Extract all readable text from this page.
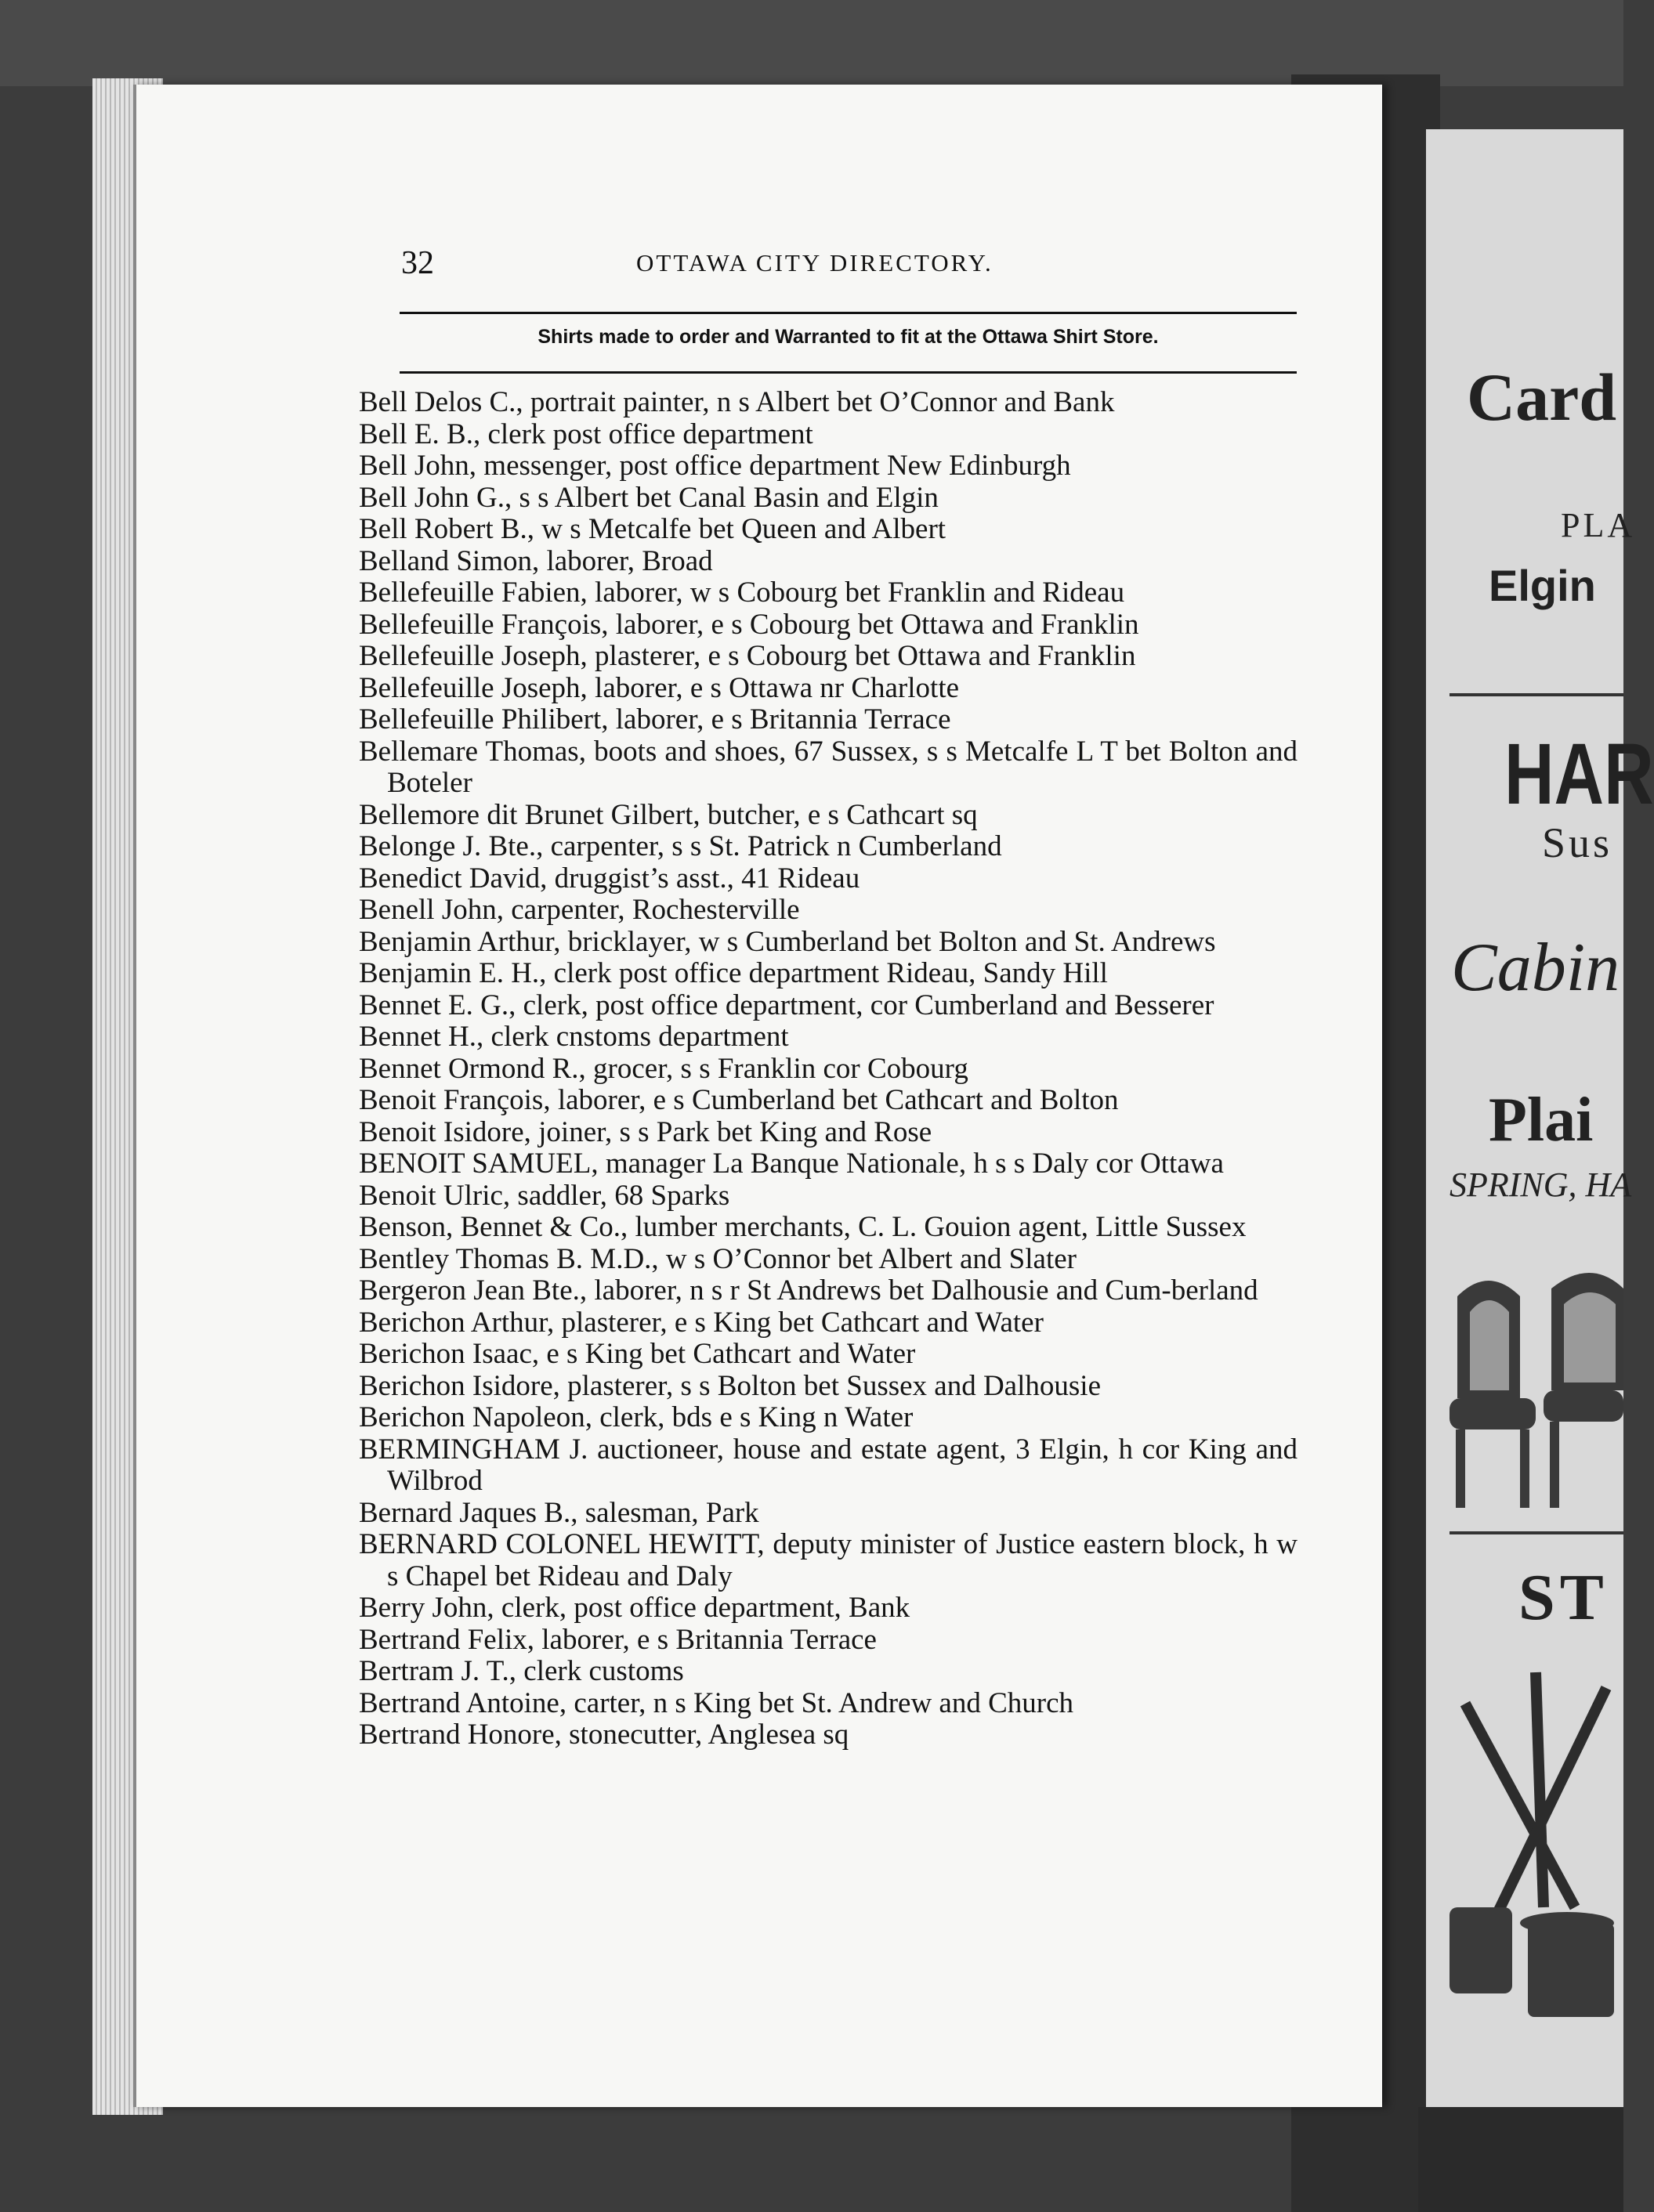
32	OTTAWA CITY DIRECTORY.
Shirts made to order and Warranted to fit at the Ottawa Shirt Store.
Bell Delos C., portrait painter, n s Albert bet O’Connor and Bank
Bell E. B., clerk post office department
Bell John, messenger, post office department New Edinburgh
Bell John G., s s Albert bet Canal Basin and Elgin
Bell Robert B., w s Metcalfe bet Queen and Albert
Belland Simon, laborer, Broad
Bellefeuille Fabien, laborer, w s Cobourg bet Franklin and Rideau
Bellefeuille François, laborer, e s Cobourg bet Ottawa and Franklin
Bellefeuille Joseph, plasterer, e s Cobourg bet Ottawa and Franklin
Bellefeuille Joseph, laborer, e s Ottawa nr Charlotte
Bellefeuille Philibert, laborer, e s Britannia Terrace
Bellemare Thomas, boots and shoes, 67 Sussex, s s Metcalfe L T bet Bolton and Boteler
Bellemore dit Brunet Gilbert, butcher, e s Cathcart sq
Belonge J. Bte., carpenter, s s St. Patrick n Cumberland
Benedict David, druggist’s asst., 41 Rideau
Benell John, carpenter, Rochesterville
Benjamin Arthur, bricklayer, w s Cumberland bet Bolton and St. Andrews
Benjamin E. H., clerk post office department Rideau, Sandy Hill
Bennet E. G., clerk, post office department, cor Cumberland and Besserer
Bennet H., clerk cnstoms department
Bennet Ormond R., grocer, s s Franklin cor Cobourg
Benoit François, laborer, e s Cumberland bet Cathcart and Bolton
Benoit Isidore, joiner, s s Park bet King and Rose
BENOIT SAMUEL, manager La Banque Nationale, h s s Daly cor Ottawa
Benoit Ulric, saddler, 68 Sparks
Benson, Bennet & Co., lumber merchants, C. L. Gouion agent, Little Sussex
Bentley Thomas B. M.D., w s O’Connor bet Albert and Slater
Bergeron Jean Bte., laborer, n s r St Andrews bet Dalhousie and Cum-berland
Berichon Arthur, plasterer, e s King bet Cathcart and Water
Berichon Isaac, e s King bet Cathcart and Water
Berichon Isidore, plasterer, s s Bolton bet Sussex and Dalhousie
Berichon Napoleon, clerk, bds e s King n Water
BERMINGHAM J. auctioneer, house and estate agent, 3 Elgin, h cor King and Wilbrod
Bernard Jaques B., salesman, Park
BERNARD COLONEL HEWITT, deputy minister of Justice eastern block, h w s Chapel bet Rideau and Daly
Berry John, clerk, post office department, Bank
Bertrand Felix, laborer, e s Britannia Terrace
Bertram J. T., clerk customs
Bertrand Antoine, carter, n s King bet St. Andrew and Church
Bertrand Honore, stonecutter, Anglesea sq
Card
PLA
Elgin
HAR
Sus
Cabin
Plai
SPRING, HA
ST
